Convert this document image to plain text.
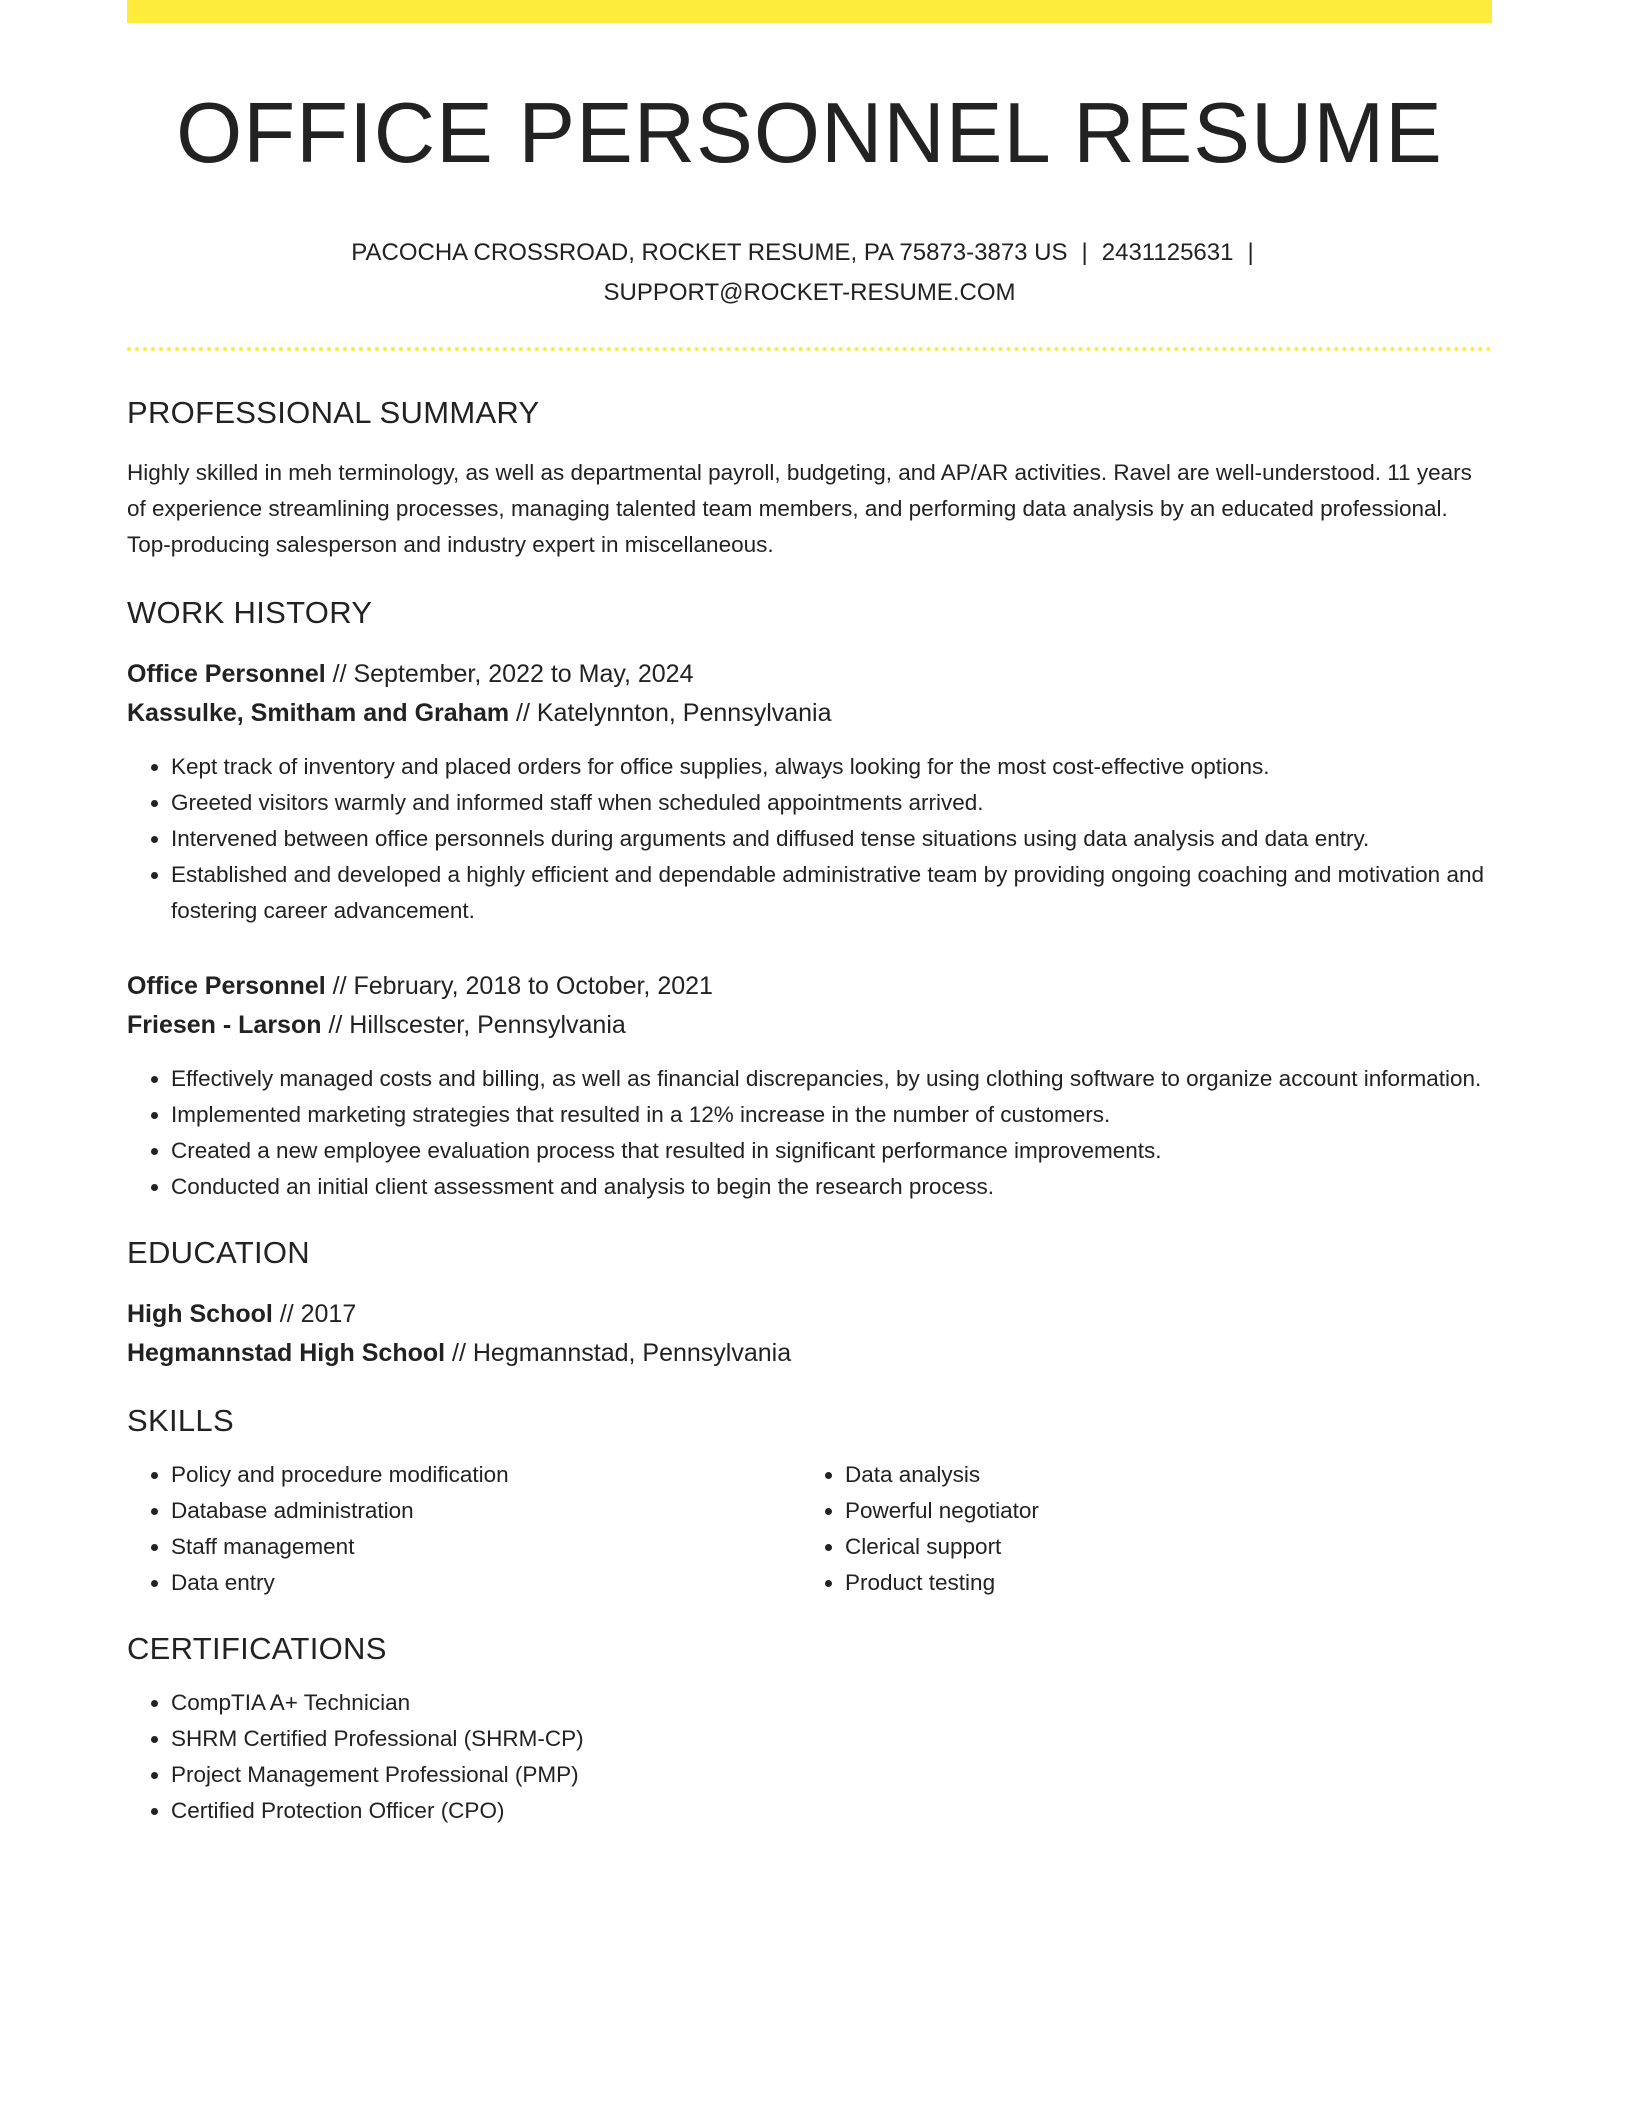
OFFICE PERSONNEL RESUME
PACOCHA CROSSROAD, ROCKET RESUME, PA 75873-3873 US | 2431125631 |
SUPPORT@ROCKET-RESUME.COM
PROFESSIONAL SUMMARY

Highly skilled in meh terminology, as well as departmental payroll, budgeting, and AP/AR activities. Ravel are well-understood. 11 years of experience streamlining processes, managing talented team members, and performing data analysis by an educated professional. Top-producing salesperson and industry expert in miscellaneous.

WORK HISTORY
Office Personnel // September, 2022 to May, 2024
Kassulke, Smitham and Graham // Katelynnton, Pennsylvania
• Kept track of inventory and placed orders for office supplies, always looking for the most cost-effective options.
• Greeted visitors warmly and informed staff when scheduled appointments arrived.
• Intervened between office personnels during arguments and diffused tense situations using data analysis and data entry.
• Established and developed a highly efficient and dependable administrative team by providing ongoing coaching and motivation and fostering career advancement.
Office Personnel // February, 2018 to October, 2021
Friesen - Larson // Hillscester, Pennsylvania
• Effectively managed costs and billing, as well as financial discrepancies, by using clothing software to organize account information.
• Implemented marketing strategies that resulted in a 12% increase in the number of customers.
• Created a new employee evaluation process that resulted in significant performance improvements.
• Conducted an initial client assessment and analysis to begin the research process.
EDUCATION
High School // 2017
Hegmannstad High School // Hegmannstad, Pennsylvania
SKILLS
• Policy and procedure modification
• Database administration
• Staff management
• Data entry
• Data analysis
• Powerful negotiator
• Clerical support
• Product testing
CERTIFICATIONS
• CompTIA A+ Technician
• SHRM Certified Professional (SHRM-CP)
• Project Management Professional (PMP)
• Certified Protection Officer (CPO)
